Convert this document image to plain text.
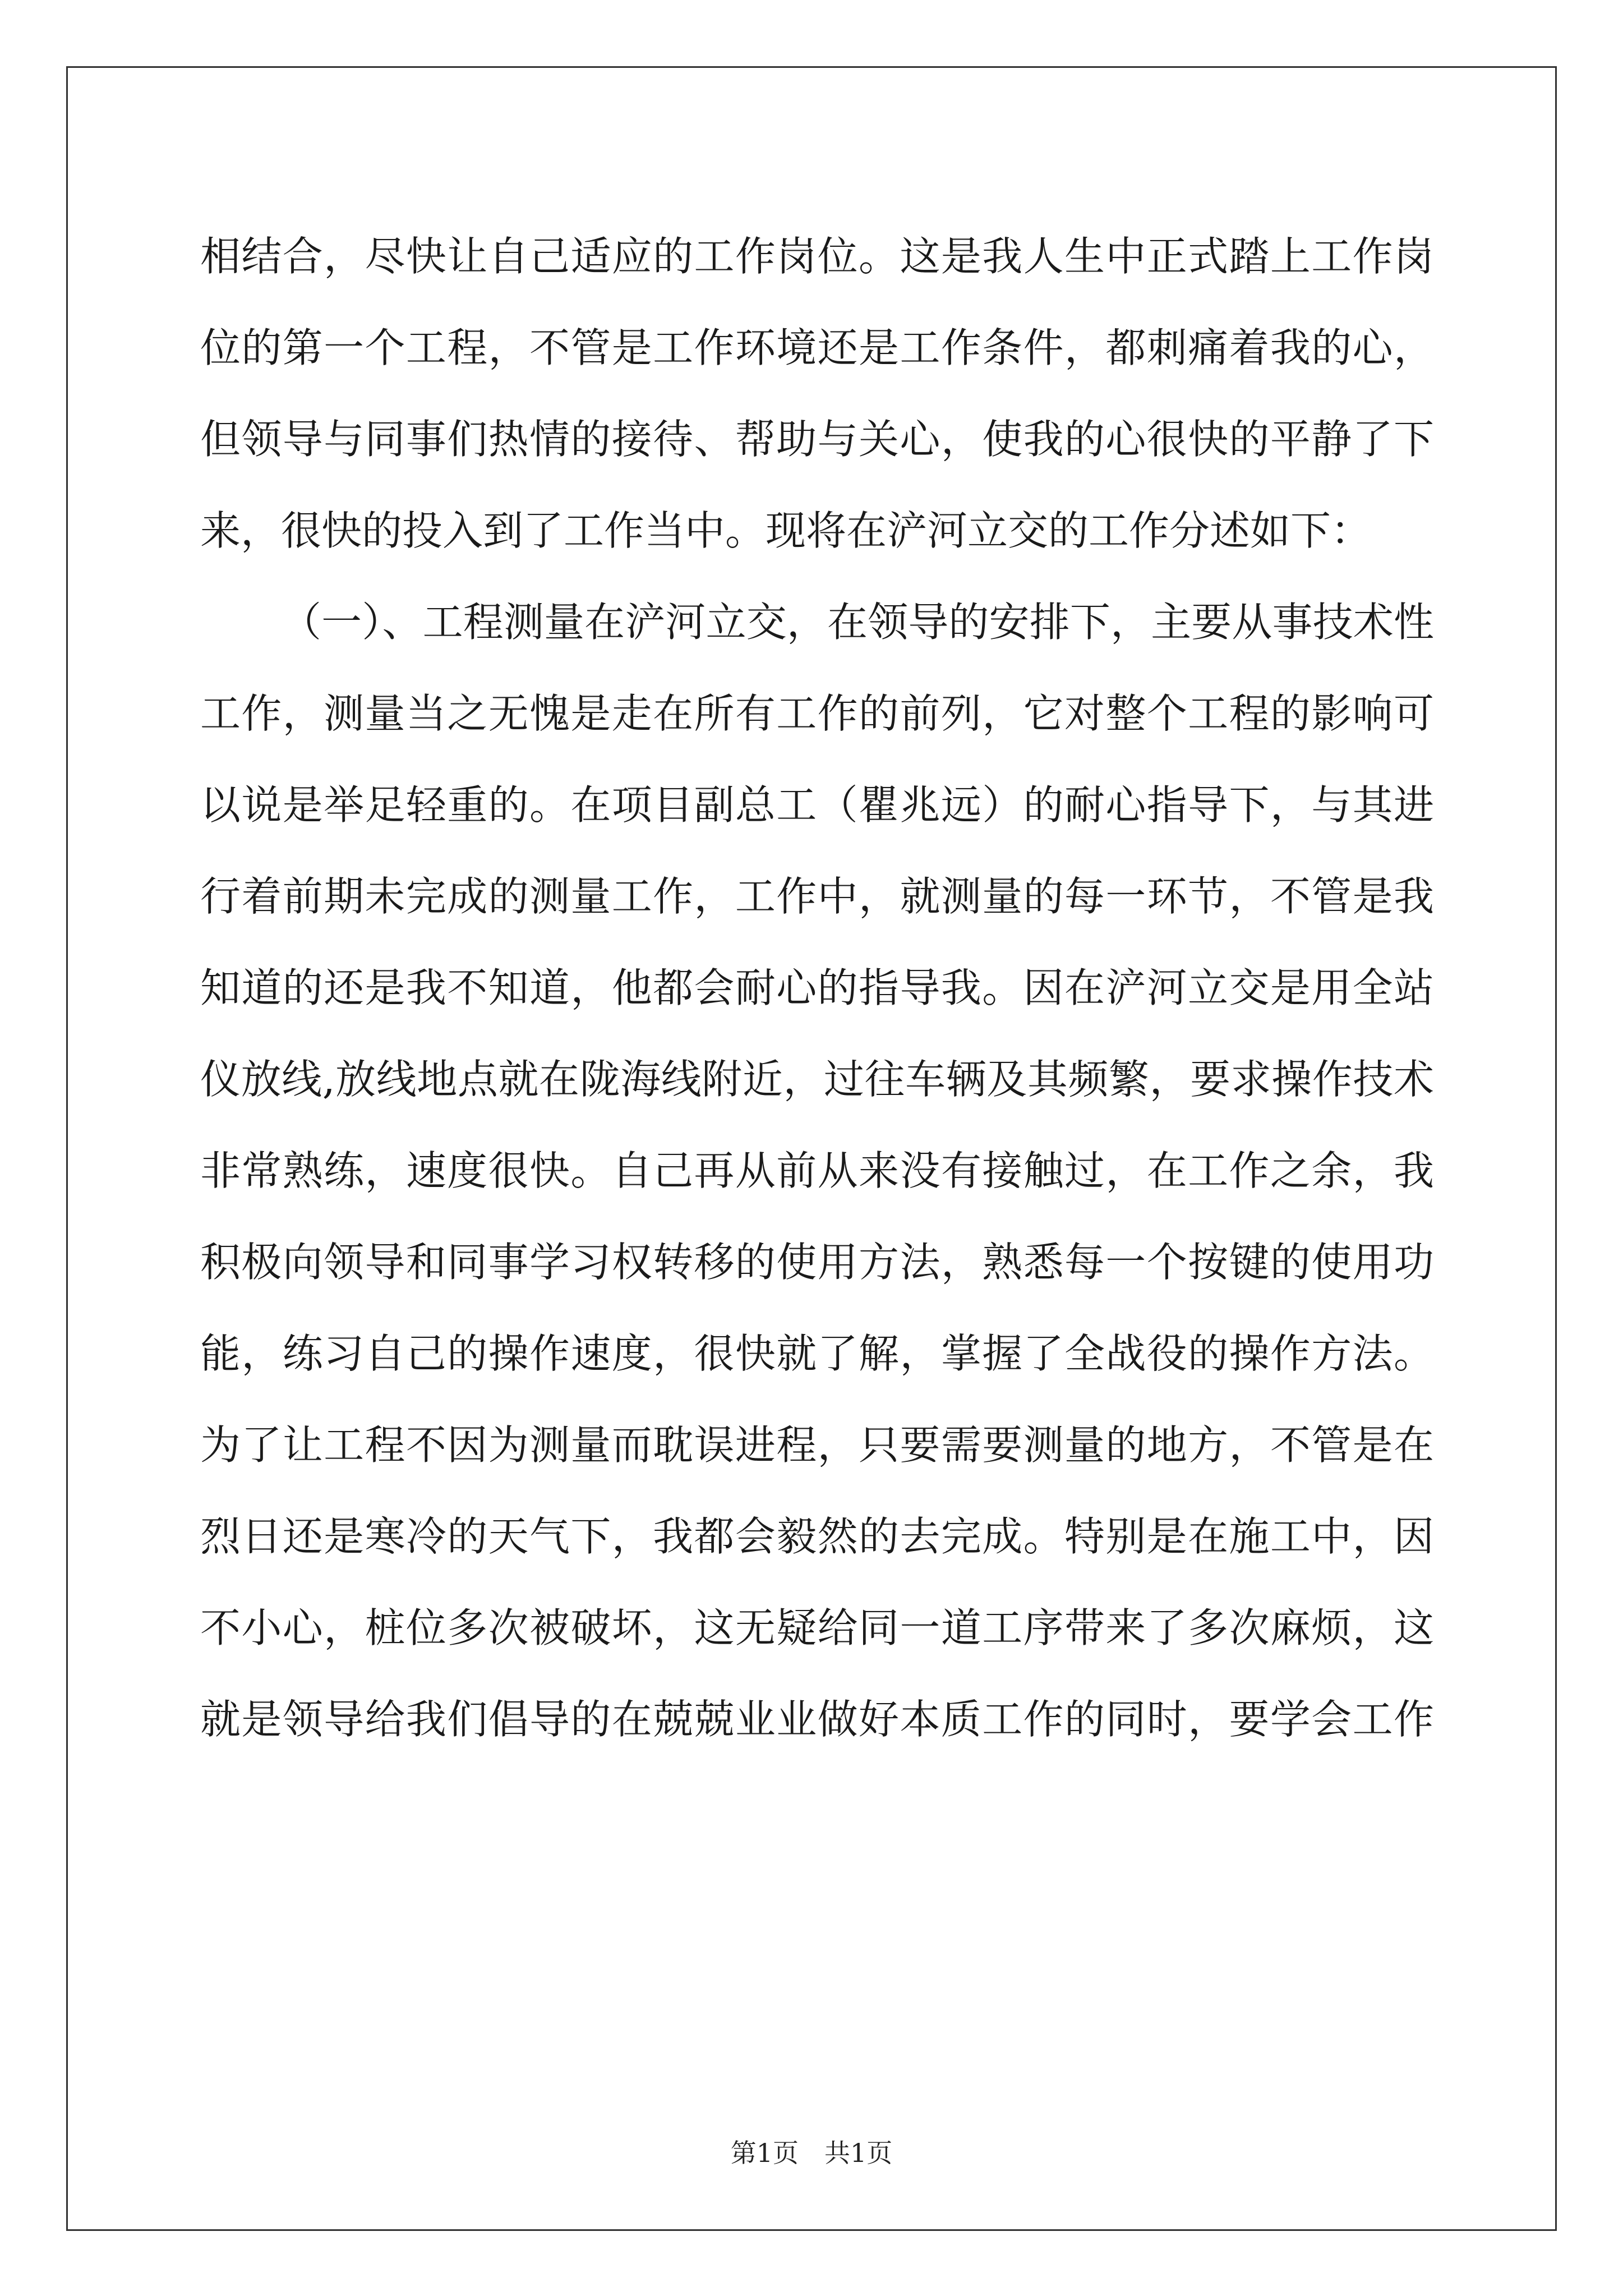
相结合，尽快让自己适应的工作岗位。这是我人生中正式踏上工作岗
位的第一个工程，不管是工作环境还是工作条件，都刺痛着我的心，
但领导与同事们热情的接待、帮助与关心，使我的心很快的平静了下
来，很快的投入到了工作当中。现将在浐河立交的工作分述如下：
（一）、工程测量在浐河立交，在领导的安排下，主要从事技术性
工作，测量当之无愧是走在所有工作的前列，它对整个工程的影响可
以说是举足轻重的。在项目副总工（瞿兆远）的耐心指导下，与其进
行着前期未完成的测量工作，工作中，就测量的每一环节，不管是我
知道的还是我不知道，他都会耐心的指导我。因在浐河立交是用全站
仪放线,放线地点就在陇海线附近，过往车辆及其频繁，要求操作技术
非常熟练，速度很快。自己再从前从来没有接触过，在工作之余，我
积极向领导和同事学习权转移的使用方法，熟悉每一个按键的使用功
能，练习自己的操作速度，很快就了解，掌握了全战役的操作方法。
为了让工程不因为测量而耽误进程，只要需要测量的地方，不管是在
烈日还是寒冷的天气下，我都会毅然的去完成。特别是在施工中，因
不小心，桩位多次被破坏，这无疑给同一道工序带来了多次麻烦，这
就是领导给我们倡导的在兢兢业业做好本质工作的同时，要学会工作
第1页　共1页
